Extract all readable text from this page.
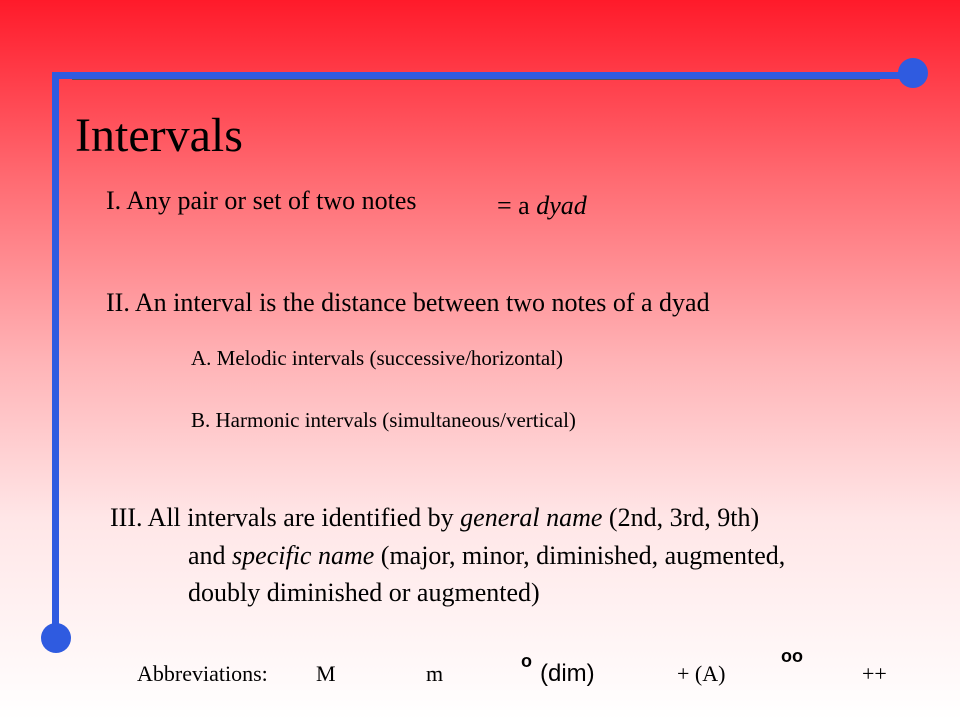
Intervals
I. Any pair or set of two notes	= a dyad
II. An interval is the distance between two notes of a dyad
A. Melodic intervals (successive/horizontal)
B. Harmonic intervals (simultaneous/vertical)
III. All intervals are identified by general name (2nd, 3rd, 9th)
and specific name (major, minor, diminished, augmented,
doubly diminished or augmented)
Abbreviations: M	m	o (dim)	+ (A)
oo
++
